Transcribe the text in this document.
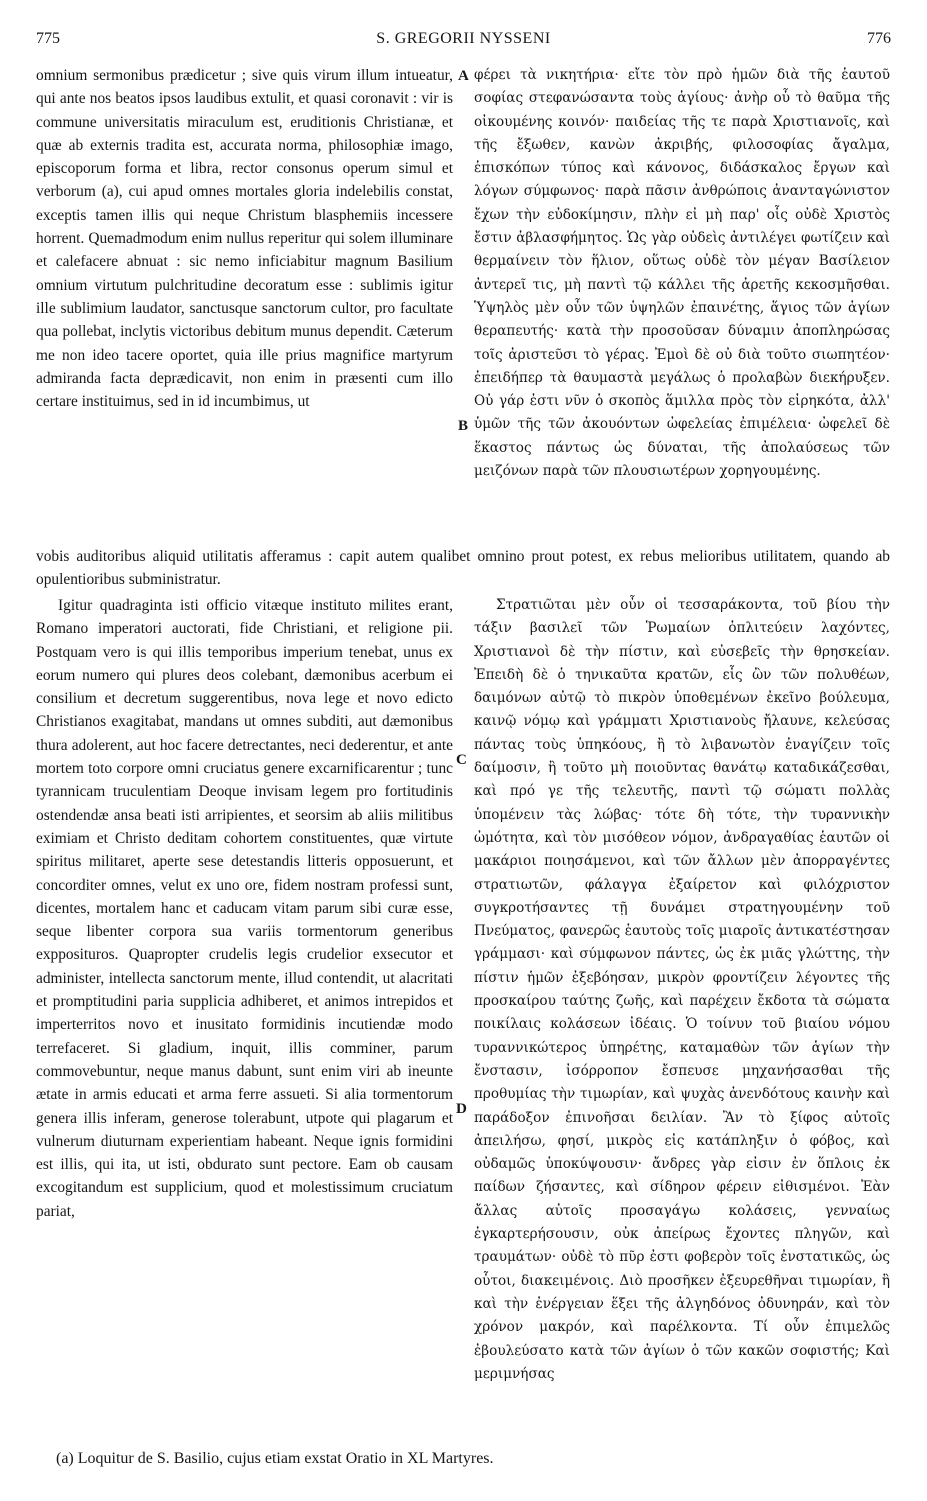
775	S. GREGORII NYSSENI	776

omnium sermonibus prædicetur ; sive quis virum illum intueatur, qui ante nos beatos ipsos laudibus extulit, et quasi coronavit : vir is commune universitatis miraculum est, eruditionis Christianæ, et quæ ab externis tradita est, accurata norma, philosophiæ imago, episcoporum forma et libra, rector consonus operum simul et verborum (a), cui apud omnes mortales gloria indelebilis constat, exceptis tamen illis qui neque Christum blasphemiis incessere horrent. Quemadmodum enim nullus reperitur qui solem illuminare et calefacere abnuat : sic nemo inficiabitur magnum Basilium omnium virtutum pulchritudine decoratum esse : sublimis igitur ille sublimium laudator, sanctusque sanctorum cultor, pro facultate qua pollebat, inclytis victoribus debitum munus dependit. Cæterum me non ideo tacere oportet, quia ille prius magnifice martyrum admiranda facta deprædicavit, non enim in præsenti cum illo certare instituimus, sed in id incumbimus, ut

φέρει τὰ νικητήρια· εἴτε τὸν πρὸ ἡμῶν διὰ τῆς ἑαυτοῦ σοφίας στεφανώσαντα τοὺς ἁγίους· ἀνὴρ οὗ τὸ θαῦμα τῆς οἰκουμένης κοινόν· παιδείας τῆς τε παρὰ Χριστιανοῖς, καὶ τῆς ἔξωθεν, κανὼν ἀκριβής, φιλοσοφίας ἄγαλμα, ἐπισκόπων τύπος καὶ κάνονος, διδάσκαλος ἔργων καὶ λόγων σύμφωνος· παρὰ πᾶσιν ἀνθρώποις ἀνανταγώνιστον ἔχων τὴν εὐδοκίμησιν, πλὴν εἰ μὴ παρ' οἷς οὐδὲ Χριστὸς ἔστιν ἀβλασφήμητος. Ὡς γὰρ οὐδεὶς ἀντιλέγει φωτίζειν καὶ θερμαίνειν τὸν ἥλιον, οὕτως οὐδὲ τὸν μέγαν Βασίλειον ἀντερεῖ τις, μὴ παντὶ τῷ κάλλει τῆς ἀρετῆς κεκοσμῆσθαι. Ὑψηλὸς μὲν οὖν τῶν ὑψηλῶν ἐπαινέτης, ἅγιος τῶν ἁγίων θεραπευτής· κατὰ τὴν προσοῦσαν δύναμιν ἀποπληρώσας τοῖς ἀριστεῦσι τὸ γέρας. Ἐμοὶ δὲ οὐ διὰ τοῦτο σιωπητέον· ἐπειδήπερ τὰ θαυμαστὰ μεγάλως ὁ προλαβὼν διεκήρυξεν. Οὐ γάρ ἐστι νῦν ὁ σκοπὸς ἅμιλλα πρὸς τὸν εἰρηκότα, ἀλλ' ὑμῶν τῆς τῶν ἀκουόντων ὠφελείας ἐπιμέλεια· ὠφελεῖ δὲ ἕκαστος πάντως ὡς δύναται, τῆς ἀπολαύσεως τῶν μειζόνων παρὰ τῶν πλουσιωτέρων χορηγουμένης.

A
B
C
D

vobis auditoribus aliquid utilitatis afferamus : capit autem qualibet omnino prout potest, ex rebus melioribus utilitatem, quando ab opulentioribus subministratur.

Igitur quadraginta isti officio vitæque instituto milites erant, Romano imperatori auctorati, fide Christiani, et religione pii. Postquam vero is qui illis temporibus imperium tenebat, unus ex eorum numero qui plures deos colebant, dæmonibus acerbum ei consilium et decretum suggerentibus, nova lege et novo edicto Christianos exagitabat, mandans ut omnes subditi, aut dæmonibus thura adolerent, aut hoc facere detrectantes, neci dederentur, et ante mortem toto corpore omni cruciatus genere excarnificarentur ; tunc tyrannicam truculentiam Deoque invisam legem pro fortitudinis ostendendæ ansa beati isti arripientes, et seorsim ab aliis militibus eximiam et Christo deditam cohortem constituentes, quæ virtute spiritus militaret, aperte sese detestandis litteris opposuerunt, et concorditer omnes, velut ex uno ore, fidem nostram professi sunt, dicentes, mortalem hanc et caducam vitam parum sibi curæ esse, seque libenter corpora sua variis tormentorum generibus expposituros. Quapropter crudelis legis crudelior exsecutor et administer, intellecta sanctorum mente, illud contendit, ut alacritati et promptitudini paria supplicia adhiberet, et animos intrepidos et imperterritos novo et inusitato formidinis incutiendæ modo terrefaceret. Si gladium, inquit, illis comminer, parum commovebuntur, neque manus dabunt, sunt enim viri ab ineunte ætate in armis educati et arma ferre assueti. Si alia tormentorum genera illis inferam, generose tolerabunt, utpote qui plagarum et vulnerum diuturnam experientiam habeant. Neque ignis formidini est illis, qui ita, ut isti, obdurato sunt pectore. Eam ob causam excogitandum est supplicium, quod et molestissimum cruciatum pariat,

Στρατιῶται μὲν οὖν οἱ τεσσαράκοντα, τοῦ βίου τὴν τάξιν βασιλεῖ τῶν Ῥωμαίων ὁπλιτεύειν λαχόντες, Χριστιανοὶ δὲ τὴν πίστιν, καὶ εὐσεβεῖς τὴν θρησκείαν. Ἐπειδὴ δὲ ὁ τηνικαῦτα κρατῶν, εἷς ὢν τῶν πολυθέων, δαιμόνων αὐτῷ τὸ πικρὸν ὑποθεμένων ἐκεῖνο βούλευμα, καινῷ νόμῳ καὶ γράμματι Χριστιανοὺς ἤλαυνε, κελεύσας πάντας τοὺς ὑπηκόους, ἢ τὸ λιβανωτὸν ἐναγίζειν τοῖς δαίμοσιν, ἢ τοῦτο μὴ ποιοῦντας θανάτῳ καταδικάζεσθαι, καὶ πρό γε τῆς τελευτῆς, παντὶ τῷ σώματι πολλὰς ὑπομένειν τὰς λώβας· τότε δὴ τότε, τὴν τυραννικὴν ὠμότητα, καὶ τὸν μισόθεον νόμον, ἀνδραγαθίας ἑαυτῶν οἱ μακάριοι ποιησάμενοι, καὶ τῶν ἄλλων μὲν ἀπορραγέντες στρατιωτῶν, φάλαγγα ἐξαίρετον καὶ φιλόχριστον συγκροτήσαντες τῇ δυνάμει στρατηγουμένην τοῦ Πνεύματος, φανερῶς ἑαυτοὺς τοῖς μιαροῖς ἀντικατέστησαν γράμμασι· καὶ σύμφωνον πάντες, ὡς ἐκ μιᾶς γλώττης, τὴν πίστιν ἡμῶν ἐξεβόησαν, μικρὸν φροντίζειν λέγοντες τῆς προσκαίρου ταύτης ζωῆς, καὶ παρέχειν ἔκδοτα τὰ σώματα ποικίλαις κολάσεων ἰδέαις. Ὁ τοίνυν τοῦ βιαίου νόμου τυραννικώτερος ὑπηρέτης, καταμαθὼν τῶν ἁγίων τὴν ἔνστασιν, ἰσόρροπον ἔσπευσε μηχανήσασθαι τῆς προθυμίας τὴν τιμωρίαν, καὶ ψυχὰς ἀνενδότους καινὴν καὶ παράδοξον ἐπινοῆσαι δειλίαν. Ἂν τὸ ξίφος αὐτοῖς ἀπειλήσω, φησί, μικρὸς εἰς κατάπληξιν ὁ φόβος, καὶ οὐδαμῶς ὑποκύψουσιν· ἄνδρες γὰρ εἰσιν ἐν ὅπλοις ἐκ παίδων ζήσαντες, καὶ σίδηρον φέρειν εἰθισμένοι. Ἐὰν ἄλλας αὐτοῖς προσαγάγω κολάσεις, γενναίως ἐγκαρτερήσουσιν, οὐκ ἀπείρως ἔχοντες πληγῶν, καὶ τραυμάτων· οὐδὲ τὸ πῦρ ἐστι φοβερὸν τοῖς ἐνστατικῶς, ὡς οὗτοι, διακειμένοις. Διὸ προσῆκεν ἐξευρεθῆναι τιμωρίαν, ἣ καὶ τὴν ἐνέργειαν ἕξει τῆς ἀλγηδόνος ὀδυνηράν, καὶ τὸν χρόνον μακρόν, καὶ παρέλκοντα. Τί οὖν ἐπιμελῶς ἐβουλεύσατο κατὰ τῶν ἁγίων ὁ τῶν κακῶν σοφιστής; Καὶ μεριμνήσας

(a) Loquitur de S. Basilio, cujus etiam exstat Oratio in XL Martyres.
